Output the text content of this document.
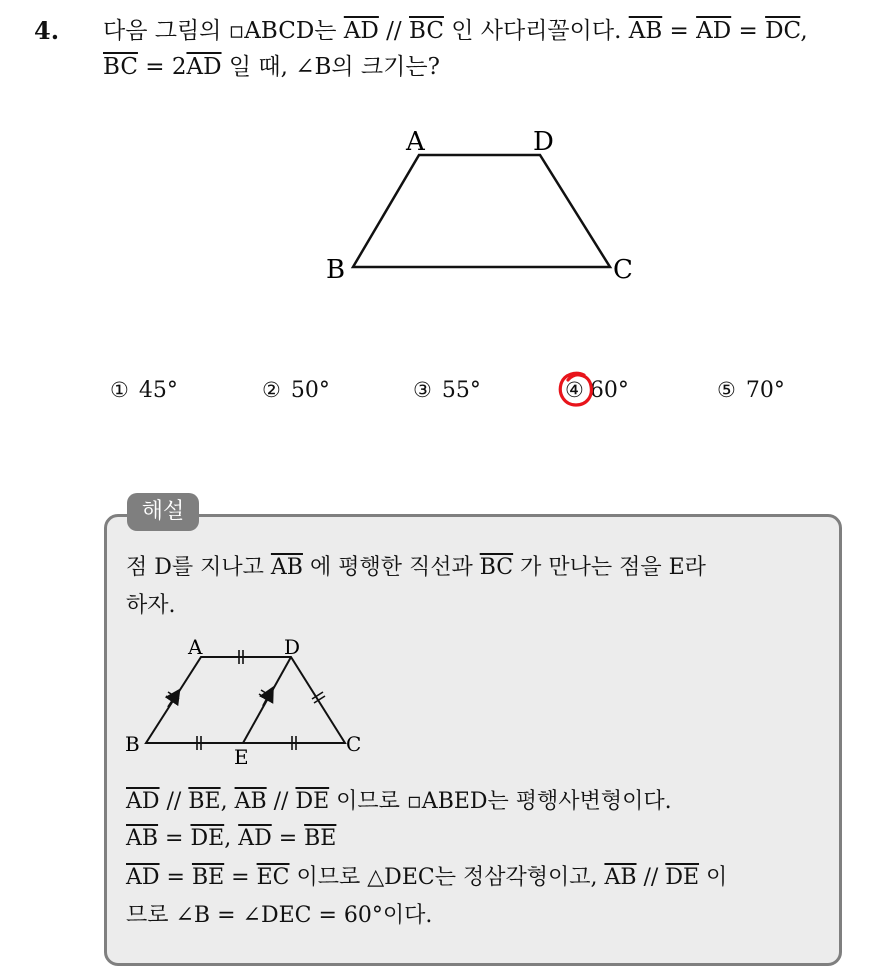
4. 다음 그림의 ▫ABCD는 $\overline{AD} // \overline{BC}$ 인 사다리꼴이다. $\overline{AB} = \overline{AD} = \overline{DC}$,
$\overline{BC} = 2\overline{AD}$ 일 때, ∠B의 크기는?
A	D
B	C
① 45°	② 50°	③ 55°	④ 60°	⑤ 70°
해설
점 D를 지나고 $\overline{AB}$ 에 평행한 직선과 $\overline{BC}$ 가 만나는 점을 E라
하자.
A	D
B	C
E
$\overline{AD} // \overline{BE}$, $\overline{AB} // \overline{DE}$ 이므로 ▫ABED는 평행사변형이다.
$\overline{AB} = \overline{DE}$, $\overline{AD} = \overline{BE}$
$\overline{AD} = \overline{BE} = \overline{EC}$ 이므로 △DEC는 정삼각형이고, $\overline{AB} // \overline{DE}$ 이
므로 ∠B = ∠DEC = 60°이다.
